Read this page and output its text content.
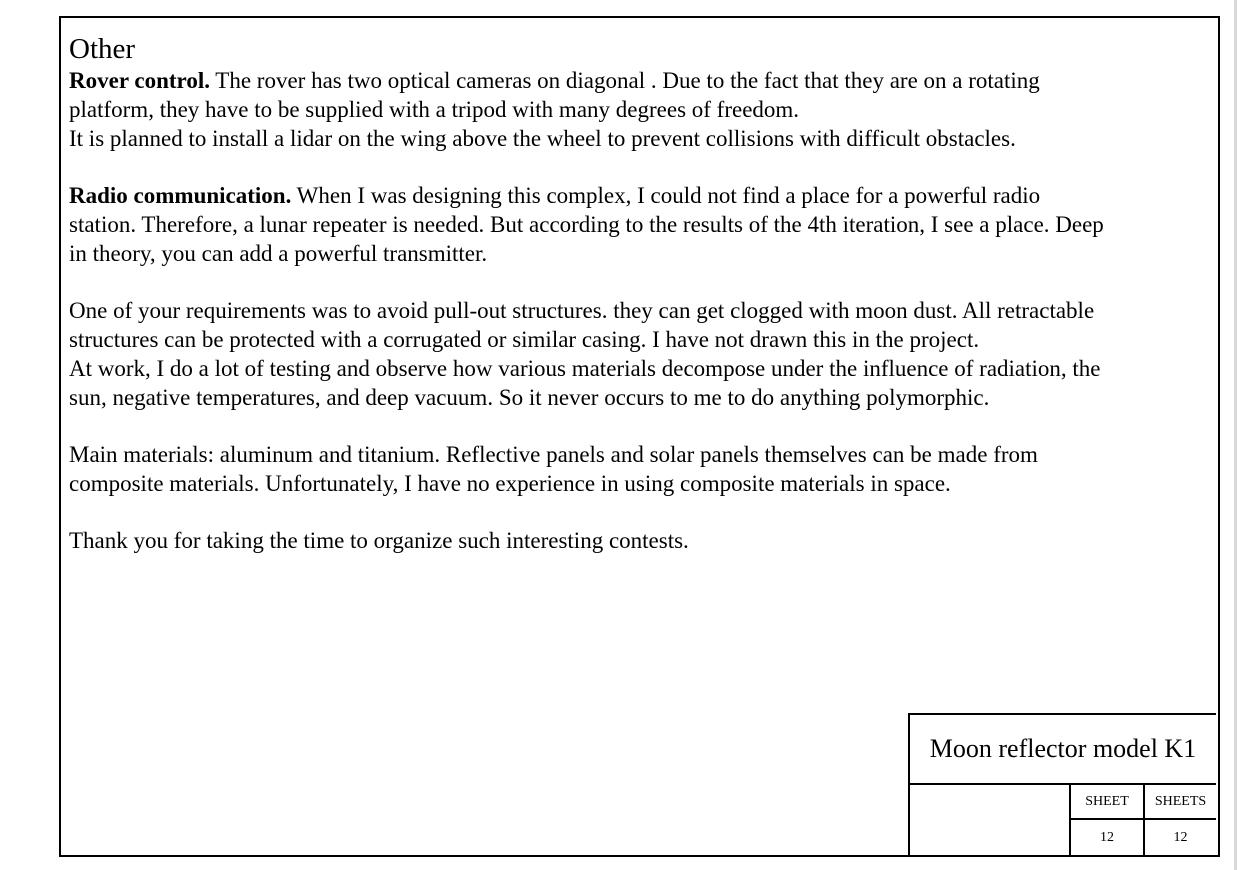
Other

Rover control. The rover has two optical cameras on diagonal . Due to the fact that they are on a rotating
platform, they have to be supplied with a tripod with many degrees of freedom.
It is planned to install a lidar on the wing above the wheel to prevent collisions with difficult obstacles.

Radio communication. When I was designing this complex, I could not find a place for a powerful radio
station. Therefore, a lunar repeater is needed. But according to the results of the 4th iteration, I see a place. Deep
in theory, you can add a powerful transmitter.

One of your requirements was to avoid pull-out structures. they can get clogged with moon dust. All retractable
structures can be protected with a corrugated or similar casing. I have not drawn this in the project.
At work, I do a lot of testing and observe how various materials decompose under the influence of radiation, the
sun, negative temperatures, and deep vacuum. So it never occurs to me to do anything polymorphic.

Main materials: aluminum and titanium. Reflective panels and solar panels themselves can be made from
composite materials. Unfortunately, I have no experience in using composite materials in space.

Thank you for taking the time to organize such interesting contests.

Moon reflector model K1
SHEET	SHEETS
12	12
